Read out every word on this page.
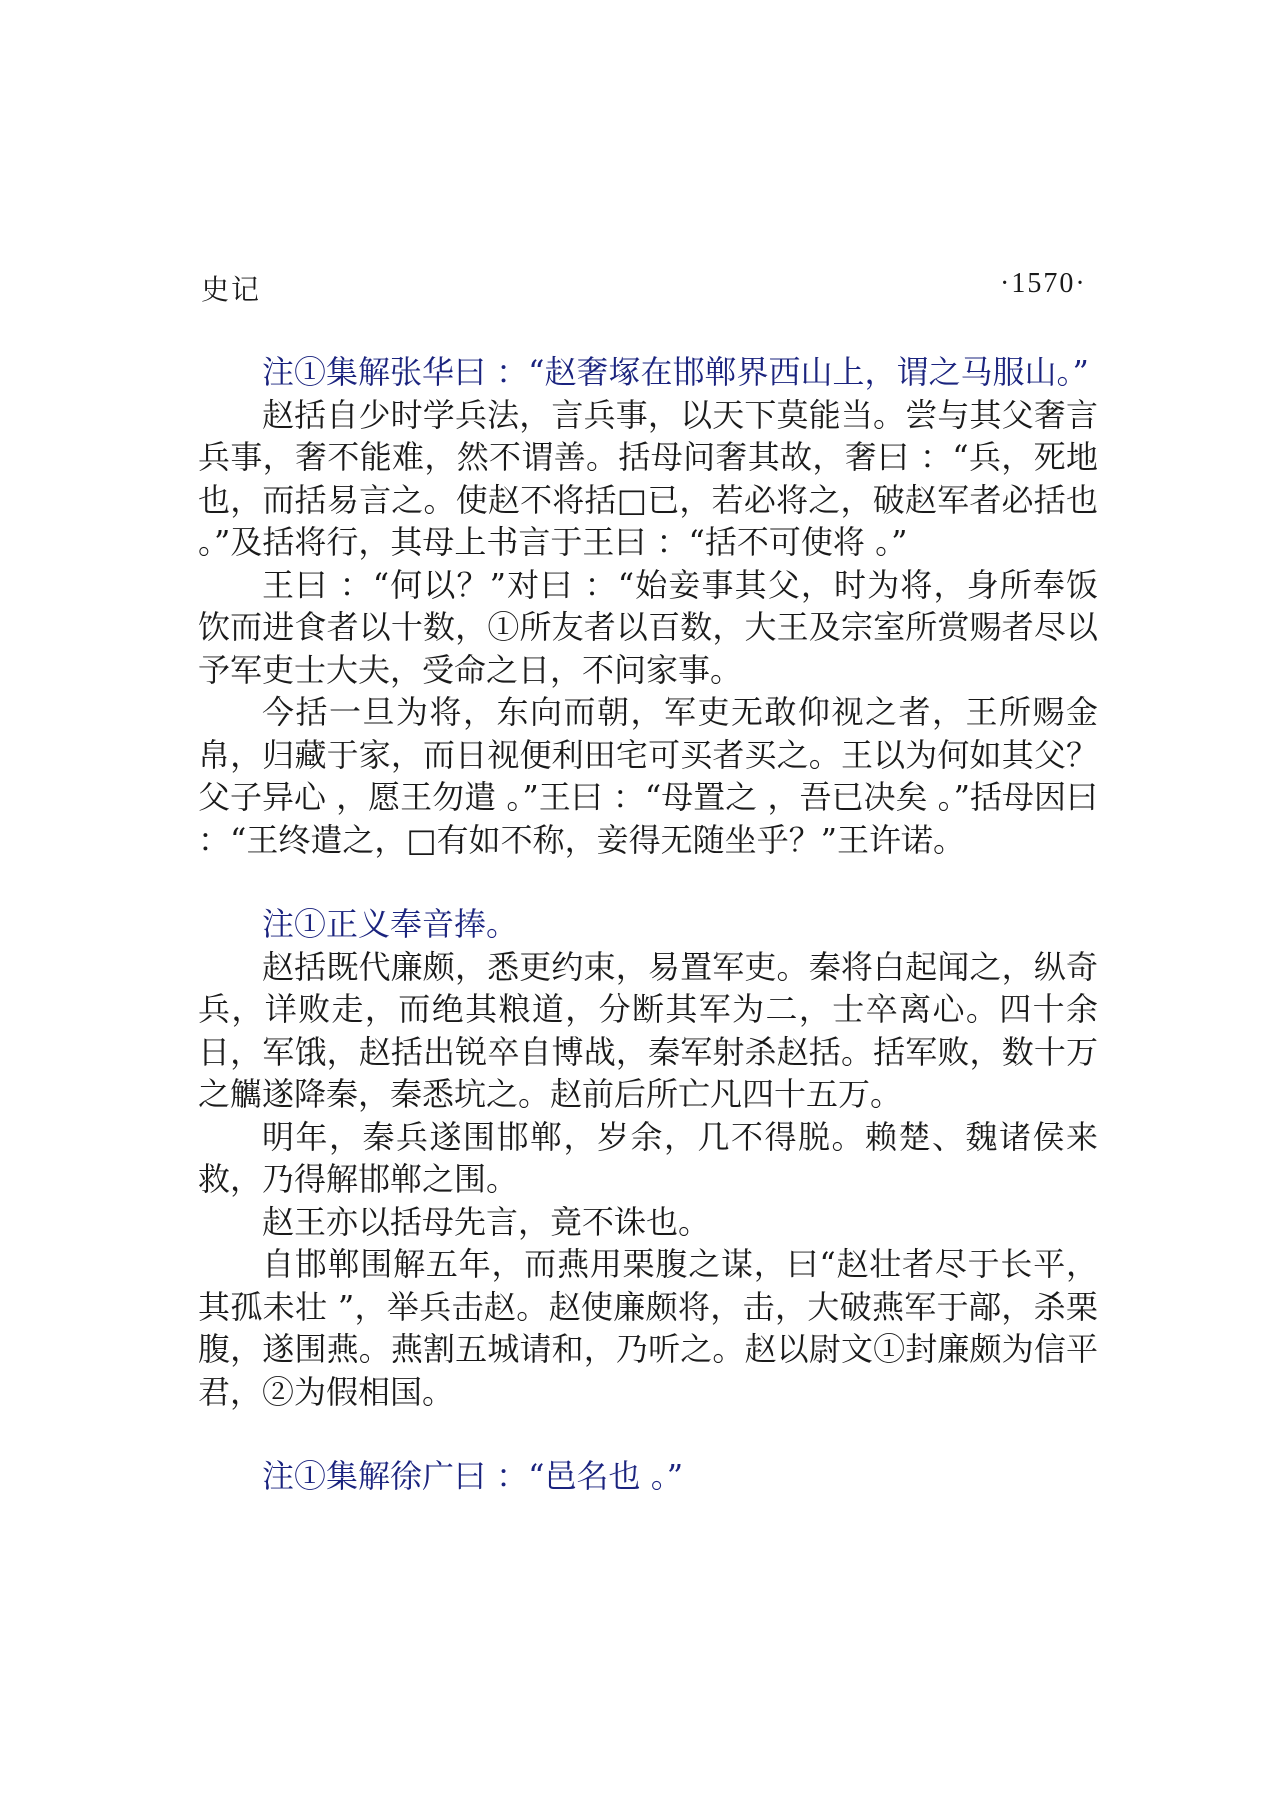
史记	·1570·

注①集解张华曰 ：“赵奢塚在邯郸界西山上，谓之马服山。”

赵括自少时学兵法，言兵事，以天下莫能当。尝与其父奢言兵事，奢不能难，然不谓善。括母问奢其故，奢曰 ：“兵，死地也，而括易言之。使赵不将括□已，若必将之，破赵军者必括也 。”及括将行，其母上书言于王曰 ：“括不可使将 。”

王曰 ：“何以？”对曰 ：“始妾事其父，时为将，身所奉饭饮而进食者以十数，①所友者以百数，大王及宗室所赏赐者尽以予军吏士大夫，受命之日，不问家事。

今括一旦为将，东向而朝，军吏无敢仰视之者，王所赐金帛，归藏于家，而日视便利田宅可买者买之。王以为何如其父？父子异心 ，愿王勿遣 。”王曰 ：“母置之 ，吾已决矣 。”括母因曰 ：“王终遣之，□有如不称，妾得无随坐乎？”王许诺。

注①正义奉音捧。

赵括既代廉颇，悉更约束，易置军吏。秦将白起闻之，纵奇兵，详败走，而绝其粮道，分断其军为二，士卒离心。四十余日，军饿，赵括出锐卒自博战，秦军射杀赵括。括军败，数十万之觽遂降秦，秦悉坑之。赵前后所亡凡四十五万。

明年，秦兵遂围邯郸，岁余，几不得脱。赖楚、魏诸侯来救，乃得解邯郸之围。

赵王亦以括母先言，竟不诛也。

自邯郸围解五年，而燕用栗腹之谋，曰“赵壮者尽于长平，其孤未壮 ”，举兵击赵。赵使廉颇将，击，大破燕军于鄗，杀栗腹，遂围燕。燕割五城请和，乃听之。赵以尉文①封廉颇为信平君，②为假相国。

注①集解徐广曰 ：“邑名也 。”
